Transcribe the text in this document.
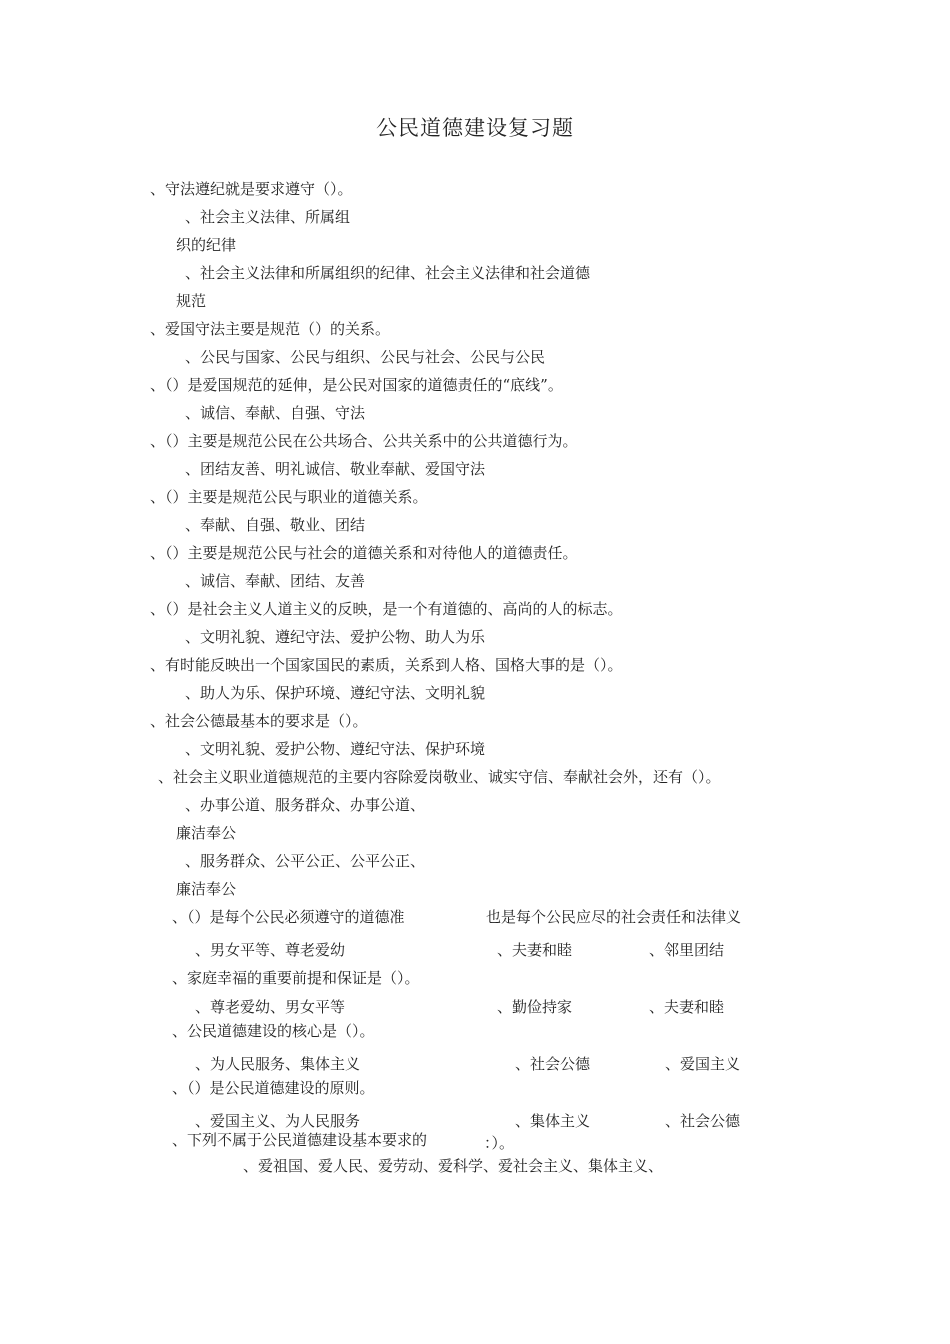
公民道德建设复习题
、守法遵纪就是要求遵守（）。
、社会主义法律、所属组
织的纪律
、社会主义法律和所属组织的纪律、社会主义法律和社会道德
规范
、爱国守法主要是规范（）的关系。
、公民与国家、公民与组织、公民与社会、公民与公民
、（）是爱国规范的延伸，是公民对国家的道德责任的“底线”。
、诚信、奉献、自强、守法
、（）主要是规范公民在公共场合、公共关系中的公共道德行为。
、团结友善、明礼诚信、敬业奉献、爱国守法
、（）主要是规范公民与职业的道德关系。
、奉献、自强、敬业、团结
、（）主要是规范公民与社会的道德关系和对待他人的道德责任。
、诚信、奉献、团结、友善
、（）是社会主义人道主义的反映，是一个有道德的、高尚的人的标志。
、文明礼貌、遵纪守法、爱护公物、助人为乐
、有时能反映出一个国家国民的素质，关系到人格、国格大事的是（）。
、助人为乐、保护环境、遵纪守法、文明礼貌
、社会公德最基本的要求是（）。
、文明礼貌、爱护公物、遵纪守法、保护环境
、社会主义职业道德规范的主要内容除爱岗敬业、诚实守信、奉献社会外，还有（）。
、办事公道、服务群众、办事公道、
廉洁奉公
、服务群众、公平公正、公平公正、
廉洁奉公
、（）是每个公民必须遵守的道德准	也是每个公民应尽的社会责任和法律义
、男女平等、尊老爱幼	、夫妻和睦	、邻里团结
、家庭幸福的重要前提和保证是（）。
、尊老爱幼、男女平等	、勤俭持家	、夫妻和睦
、公民道德建设的核心是（）。
、为人民服务、集体主义	、社会公德	、爱国主义
、（）是公民道德建设的原则。
、爱国主义、为人民服务	、集体主义	、社会公德
、下列不属于公民道德建设基本要求的	：）。
、爱祖国、爱人民、爱劳动、爱科学、爱社会主义、集体主义、
